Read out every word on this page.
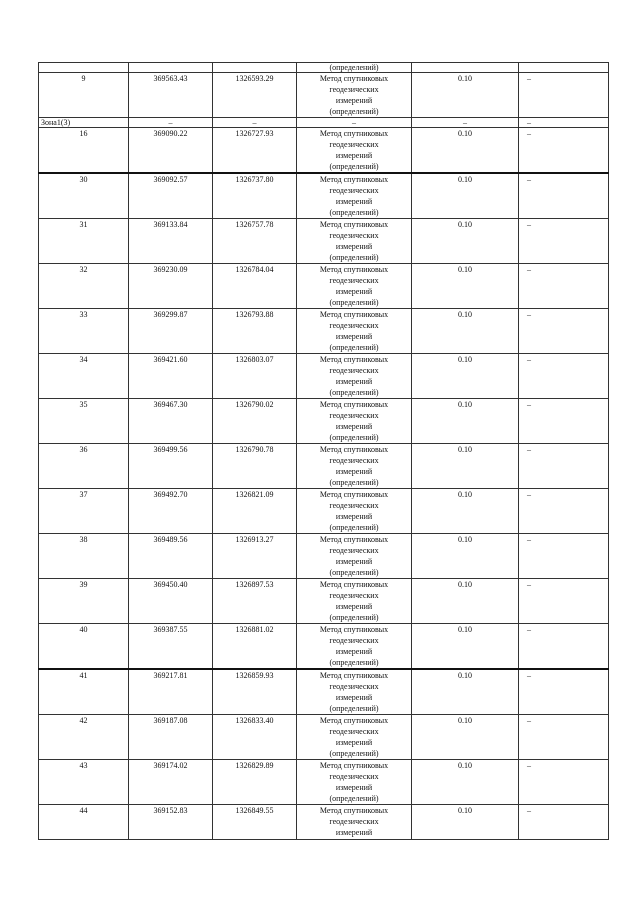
			(определений)		
9	369563.43	1326593.29	Метод спутниковых
геодезических
измерений
(определений)	0.10	–
Зона1(3)	–	–	–	–	–
16	369090.22	1326727.93	Метод спутниковых
геодезических
измерений
(определений)	0.10	–
30	369092.57	1326737.80	Метод спутниковых
геодезических
измерений
(определений)	0.10	–
31	369133.84	1326757.78	Метод спутниковых
геодезических
измерений
(определений)	0.10	–
32	369230.09	1326784.04	Метод спутниковых
геодезических
измерений
(определений)	0.10	–
33	369299.87	1326793.88	Метод спутниковых
геодезических
измерений
(определений)	0.10	–
34	369421.60	1326803.07	Метод спутниковых
геодезических
измерений
(определений)	0.10	–
35	369467.30	1326790.02	Метод спутниковых
геодезических
измерений
(определений)	0.10	–
36	369499.56	1326790.78	Метод спутниковых
геодезических
измерений
(определений)	0.10	–
37	369492.70	1326821.09	Метод спутниковых
геодезических
измерений
(определений)	0.10	–
38	369489.56	1326913.27	Метод спутниковых
геодезических
измерений
(определений)	0.10	–
39	369450.40	1326897.53	Метод спутниковых
геодезических
измерений
(определений)	0.10	–
40	369387.55	1326881.02	Метод спутниковых
геодезических
измерений
(определений)	0.10	–
41	369217.81	1326859.93	Метод спутниковых
геодезических
измерений
(определений)	0.10	–
42	369187.08	1326833.40	Метод спутниковых
геодезических
измерений
(определений)	0.10	–
43	369174.02	1326829.89	Метод спутниковых
геодезических
измерений
(определений)	0.10	–
44	369152.83	1326849.55	Метод спутниковых
геодезических
измерений	0.10	–
